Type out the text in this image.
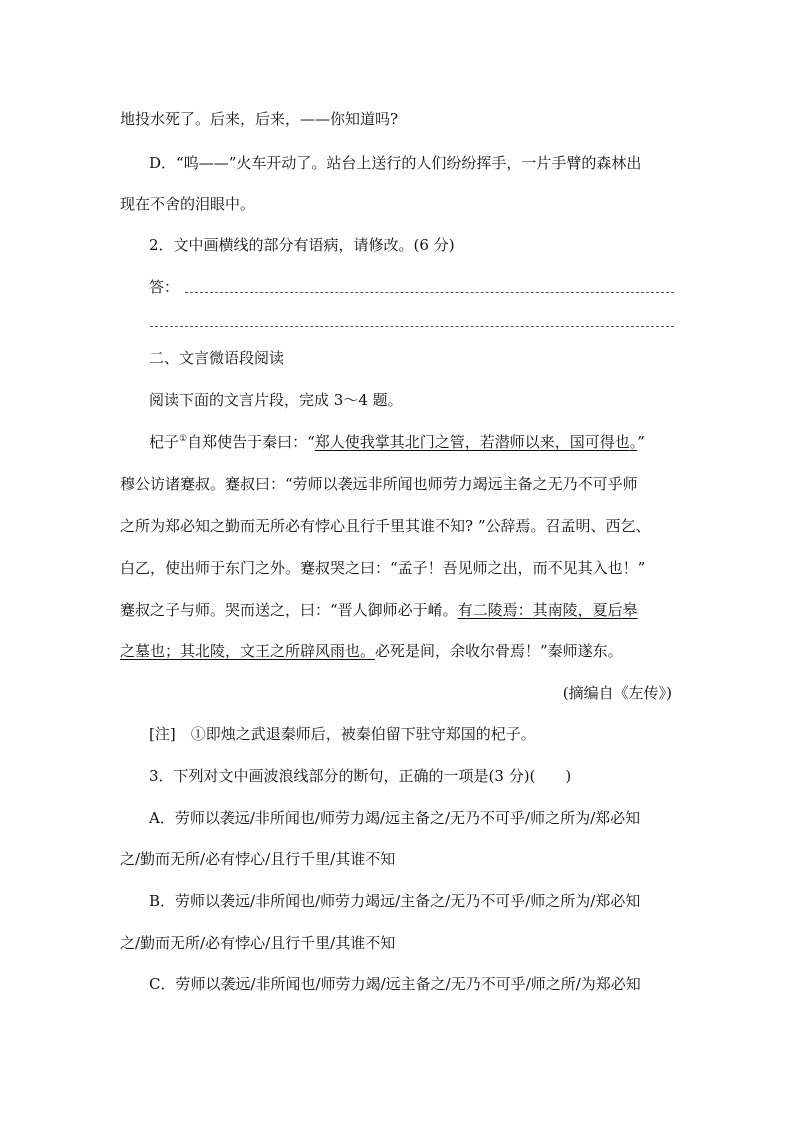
地投水死了。后来，后来，——你知道吗?
D．“呜——”火车开动了。站台上送行的人们纷纷挥手，一片手臂的森林出
现在不舍的泪眼中。
2．文中画横线的部分有语病，请修改。(6 分)
答：
二、文言微语段阅读
阅读下面的文言片段，完成 3～4 题。
杞子①自郑使告于秦曰：“郑人使我掌其北门之管，若潜师以来，国可得也。”
穆公访诸蹇叔。蹇叔曰：“劳师以袭远非所闻也师劳力竭远主备之无乃不可乎师
之所为郑必知之勤而无所必有悖心且行千里其谁不知? ”公辞焉。召孟明、西乞、
白乙，使出师于东门之外。蹇叔哭之曰：“孟子！吾见师之出，而不见其入也！”
蹇叔之子与师。哭而送之，曰：“晋人御师必于崤。有二陵焉：其南陵，夏后皋
之墓也；其北陵，文王之所辟风雨也。必死是间，余收尔骨焉！”秦师遂东。
(摘编自《左传》)
[注]　①即烛之武退秦师后，被秦伯留下驻守郑国的杞子。
3．下列对文中画波浪线部分的断句，正确的一项是(3 分)(　　)
A．劳师以袭远/非所闻也/师劳力竭/远主备之/无乃不可乎/师之所为/郑必知
之/勤而无所/必有悖心/且行千里/其谁不知
B．劳师以袭远/非所闻也/师劳力竭远/主备之/无乃不可乎/师之所为/郑必知
之/勤而无所/必有悖心/且行千里/其谁不知
C．劳师以袭远/非所闻也/师劳力竭/远主备之/无乃不可乎/师之所/为郑必知
